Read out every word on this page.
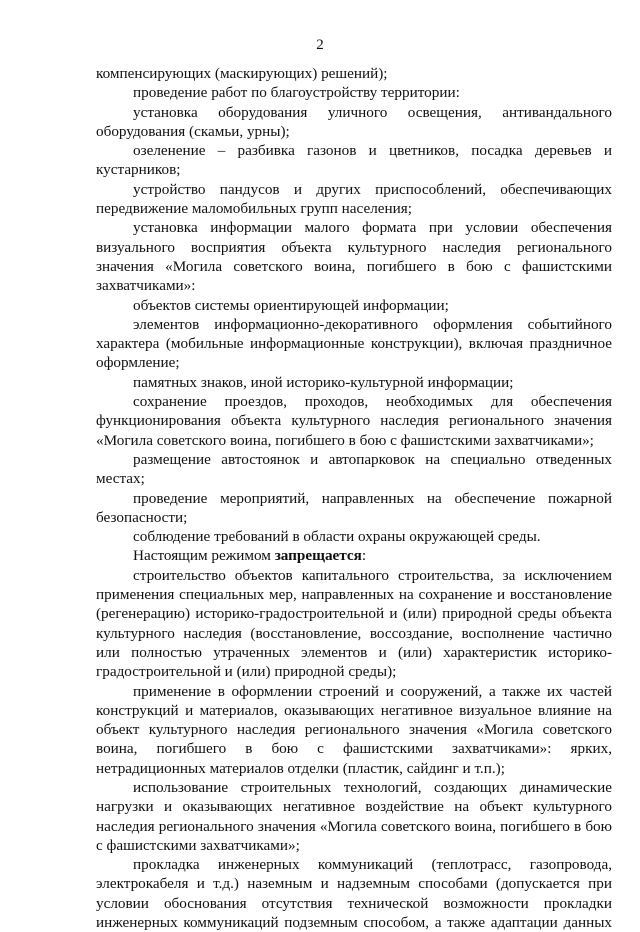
2

компенсирующих (маскирующих) решений);

проведение работ по благоустройству территории:

установка оборудования уличного освещения, антивандального оборудования (скамьи, урны);

озеленение – разбивка газонов и цветников, посадка деревьев и кустарников;

устройство пандусов и других приспособлений, обеспечивающих передвижение маломобильных групп населения;

установка информации малого формата при условии обеспечения визуального восприятия объекта культурного наследия регионального значения «Могила советского воина, погибшего в бою с фашистскими захватчиками»:

объектов системы ориентирующей информации;

элементов информационно-декоративного оформления событийного характера (мобильные информационные конструкции), включая праздничное оформление;

памятных знаков, иной историко-культурной информации;

сохранение проездов, проходов, необходимых для обеспечения функционирования объекта культурного наследия регионального значения «Могила советского воина, погибшего в бою с фашистскими захватчиками»;

размещение автостоянок и автопарковок на специально отведенных местах;

проведение мероприятий, направленных на обеспечение пожарной безопасности;

соблюдение требований в области охраны окружающей среды.

Настоящим режимом запрещается:

строительство объектов капитального строительства, за исключением применения специальных мер, направленных на сохранение и восстановление (регенерацию) историко-градостроительной и (или) природной среды объекта культурного наследия (восстановление, воссоздание, восполнение частично или полностью утраченных элементов и (или) характеристик историко-градостроительной и (или) природной среды);

применение в оформлении строений и сооружений, а также их частей конструкций и материалов, оказывающих негативное визуальное влияние на объект культурного наследия регионального значения «Могила советского воина, погибшего в бою с фашистскими захватчиками»: ярких, нетрадиционных материалов отделки (пластик, сайдинг и т.п.);

использование строительных технологий, создающих динамические нагрузки и оказывающих негативное воздействие на объект культурного наследия регионального значения «Могила советского воина, погибшего в бою с фашистскими захватчиками»;

прокладка инженерных коммуникаций (теплотрасс, газопровода, электрокабеля и т.д.) наземным и надземным способами (допускается при условии обоснования отсутствия технической возможности прокладки инженерных коммуникаций подземным способом, а также адаптации данных
